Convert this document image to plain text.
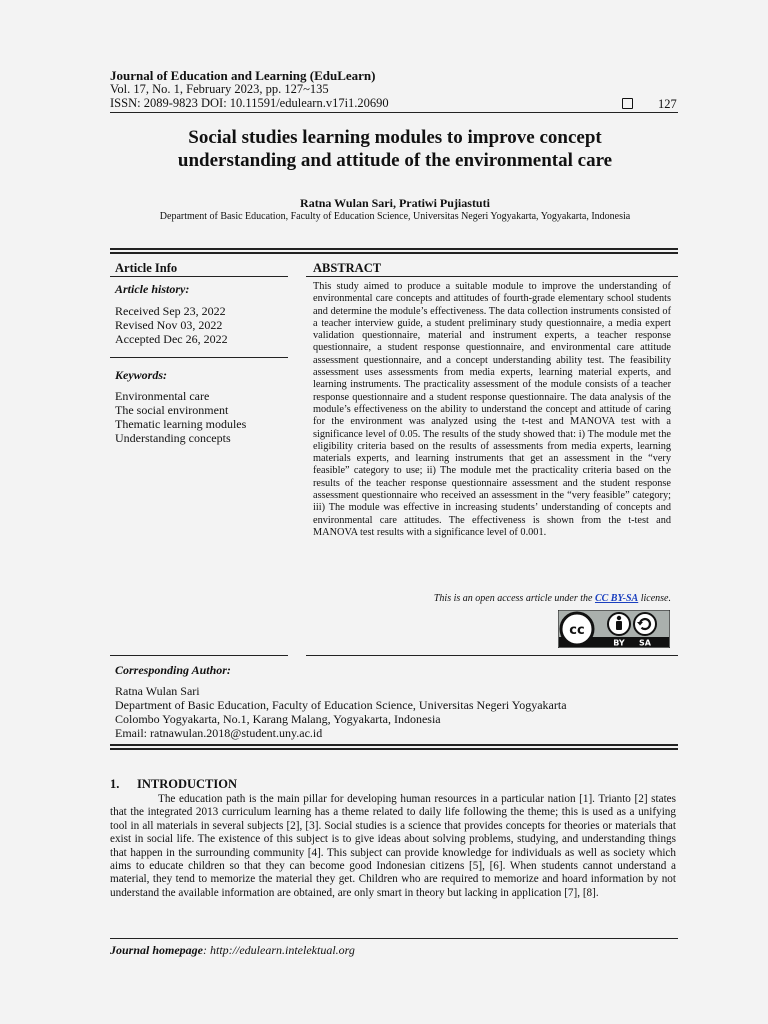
Journal of Education and Learning (EduLearn)
Vol. 17, No. 1, February 2023, pp. 127~135
ISSN: 2089-9823 DOI: 10.11591/edulearn.v17i1.20690	127
Social studies learning modules to improve concept
understanding and attitude of the environmental care
Ratna Wulan Sari, Pratiwi Pujiastuti
Department of Basic Education, Faculty of Education Science, Universitas Negeri Yogyakarta, Yogyakarta, Indonesia
Article Info
Article history:
Received Sep 23, 2022
Revised Nov 03, 2022
Accepted Dec 26, 2022
Keywords:
Environmental care
The social environment
Thematic learning modules
Understanding concepts
ABSTRACT
This study aimed to produce a suitable module to improve the understanding of environmental care concepts and attitudes of fourth-grade elementary school students and determine the module’s effectiveness. The data collection instruments consisted of a teacher interview guide, a student preliminary study questionnaire, a media expert validation questionnaire, material and instrument experts, a teacher response questionnaire, a student response questionnaire, and environmental care attitude assessment questionnaire, and a concept understanding ability test. The feasibility assessment uses assessments from media experts, learning material experts, and learning instruments. The practicality assessment of the module consists of a teacher response questionnaire and a student response questionnaire. The data analysis of the module’s effectiveness on the ability to understand the concept and attitude of caring for the environment was analyzed using the t-test and MANOVA test with a significance level of 0.05. The results of the study showed that: i) The module met the eligibility criteria based on the results of assessments from media experts, learning materials experts, and learning instruments that get an assessment in the “very feasible” category to use; ii) The module met the practicality criteria based on the results of the teacher response questionnaire assessment and the student response assessment questionnaire who received an assessment in the “very feasible” category; iii) The module was effective in increasing students’ understanding of concepts and environmental care attitudes. The effectiveness is shown from the t-test and MANOVA test results with a significance level of 0.001.
This is an open access article under the CC BY-SA license.
cc
BY SA
Corresponding Author:
Ratna Wulan Sari
Department of Basic Education, Faculty of Education Science, Universitas Negeri Yogyakarta
Colombo Yogyakarta, No.1, Karang Malang, Yogyakarta, Indonesia
Email: ratnawulan.2018@student.uny.ac.id
1. INTRODUCTION
The education path is the main pillar for developing human resources in a particular nation [1]. Trianto [2] states that the integrated 2013 curriculum learning has a theme related to daily life following the theme; this is used as a unifying tool in all materials in several subjects [2], [3]. Social studies is a science that provides concepts for theories or materials that exist in social life. The existence of this subject is to give ideas about solving problems, studying, and understanding things that happen in the surrounding community [4]. This subject can provide knowledge for individuals as well as society which aims to educate children so that they can become good Indonesian citizens [5], [6]. When students cannot understand a material, they tend to memorize the material they get. Children who are required to memorize and hoard information by not understand the available information are obtained, are only smart in theory but lacking in application [7], [8].
Journal homepage: http://edulearn.intelektual.org
